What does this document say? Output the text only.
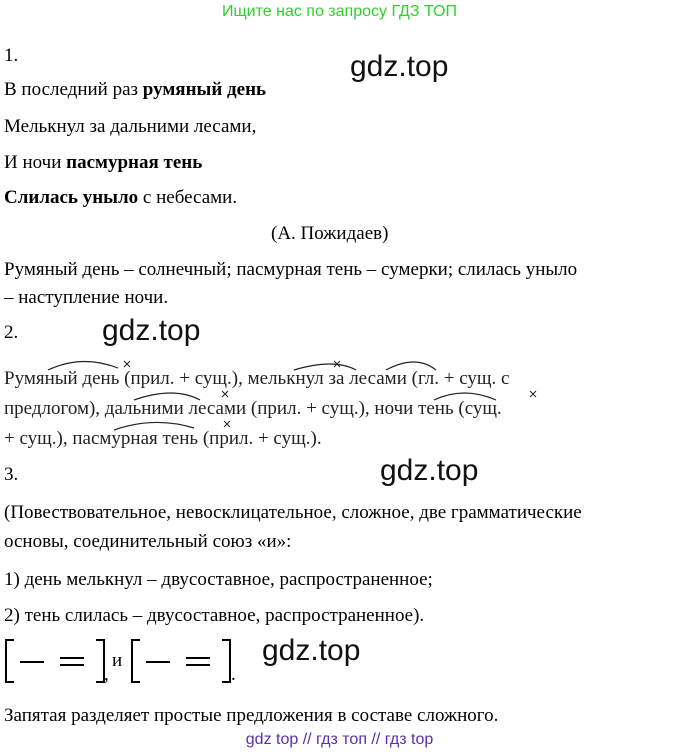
Ищите нас по запросу ГДЗ ТОП
gdz.top
gdz.top
gdz.top
gdz.top
1.
В последний раз румяный день
Мелькнул за дальними лесами,
И ночи пасмурная тень
Слилась уныло с небесами.
(А. Пожидаев)
Румяный день – солнечный; пасмурная тень – сумерки; слилась уныло
– наступление ночи.
2.
Румяный день (прил. + сущ.), мелькнул за лесами (гл. + сущ. с
предлогом), дальними лесами (прил. + сущ.), ночи тень (сущ.
+ сущ.), пасмурная тень (прил. + сущ.).
3.
(Повествовательное, невосклицательное, сложное, две грамматические
основы, соединительный союз «и»:
1) день мелькнул – двусоставное, распространенное;
2) тень слилась – двусоставное, распространенное).
,
и
.
Запятая разделяет простые предложения в составе сложного.
gdz top // гдз топ // гдз top
